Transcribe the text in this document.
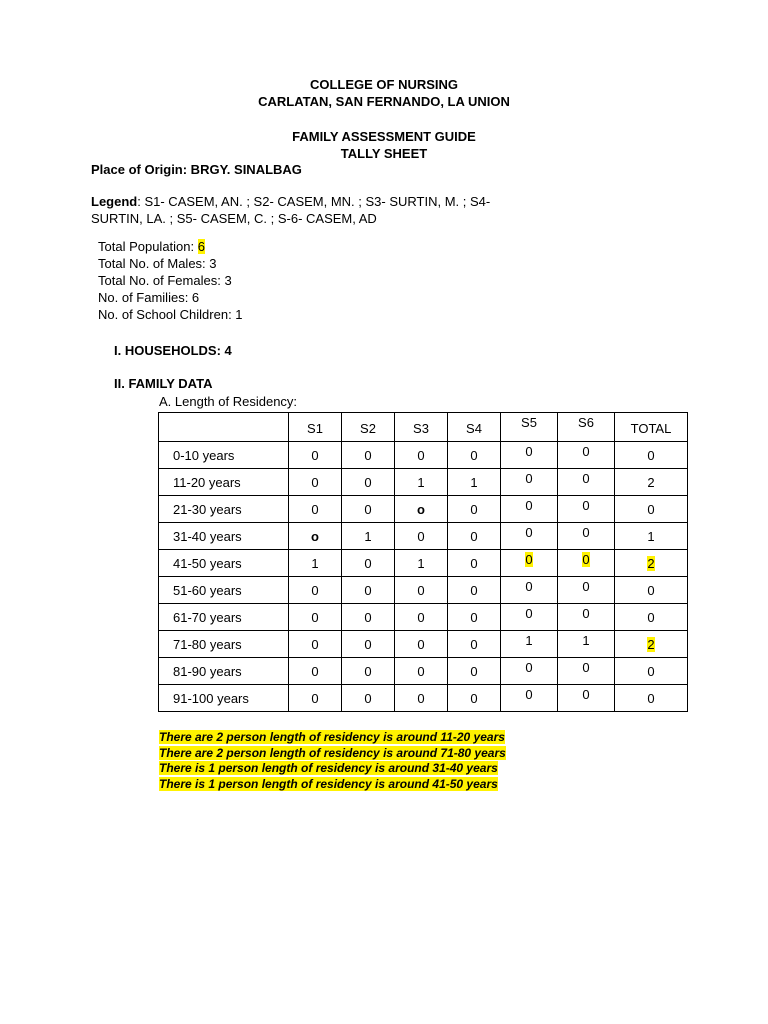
COLLEGE OF NURSING
CARLATAN, SAN FERNANDO, LA UNION
FAMILY ASSESSMENT GUIDE
TALLY SHEET
Place of Origin: BRGY. SINALBAG
Legend: S1- CASEM, AN. ; S2- CASEM, MN. ; S3- SURTIN, M. ; S4- SURTIN, LA. ; S5- CASEM, C. ; S-6- CASEM, AD
Total Population: 6
Total No. of Males: 3
Total No. of Females: 3
No. of Families: 6
No. of School Children: 1
I. HOUSEHOLDS: 4
II. FAMILY DATA
A. Length of Residency:
	S1	S2	S3	S4	S5	S6	TOTAL
0-10 years	0	0	0	0	0	0	0
11-20 years	0	0	1	1	0	0	2
21-30 years	0	0	o	0	0	0	0
31-40 years	o	1	0	0	0	0	1
41-50 years	1	0	1	0	0	0	2
51-60 years	0	0	0	0	0	0	0
61-70 years	0	0	0	0	0	0	0
71-80 years	0	0	0	0	1	1	2
81-90 years	0	0	0	0	0	0	0
91-100 years	0	0	0	0	0	0	0

There are 2 person length of residency is around 11-20 years

There are 2 person length of residency is around 71-80 years

There is 1 person length of residency is around 31-40 years

There is 1 person length of residency is around 41-50 years
